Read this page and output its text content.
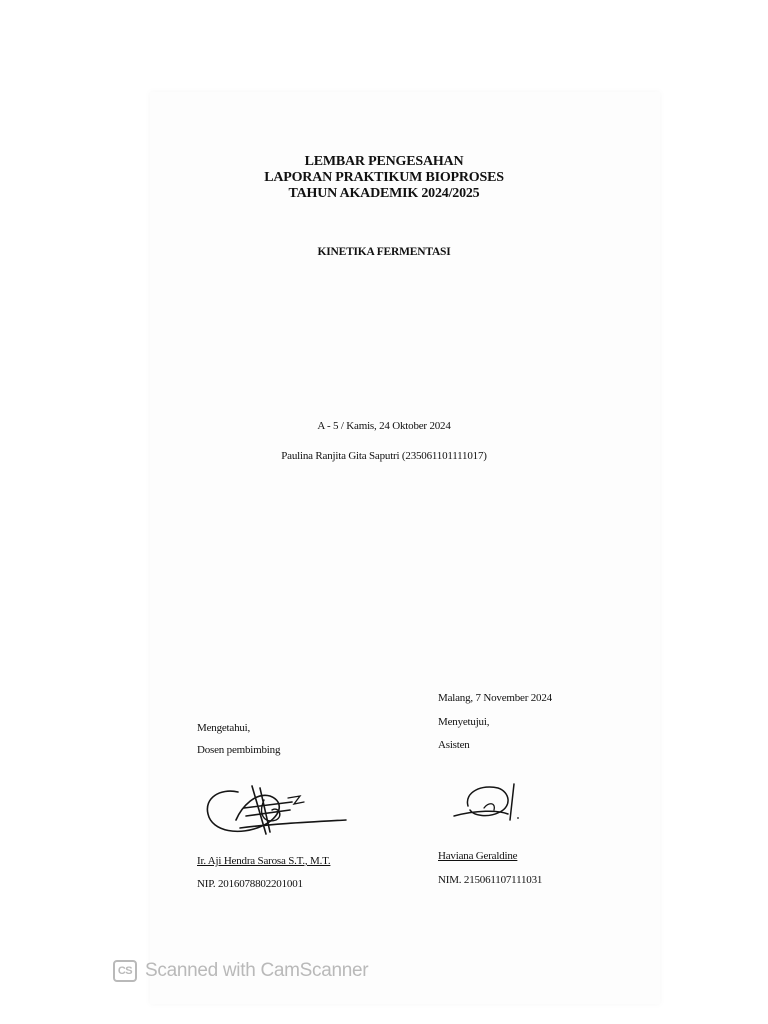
LEMBAR PENGESAHAN
LAPORAN PRAKTIKUM BIOPROSES
TAHUN AKADEMIK 2024/2025
KINETIKA FERMENTASI
A - 5 / Kamis, 24 Oktober 2024
Paulina Ranjita Gita Saputri (235061101111017)
Malang, 7 November 2024
Menyetujui,
Asisten
Haviana Geraldine
NIM. 215061107111031
Mengetahui,
Dosen pembimbing
Ir. Aji Hendra Sarosa S.T., M.T.
NIP. 2016078802201001
CS Scanned with CamScanner
